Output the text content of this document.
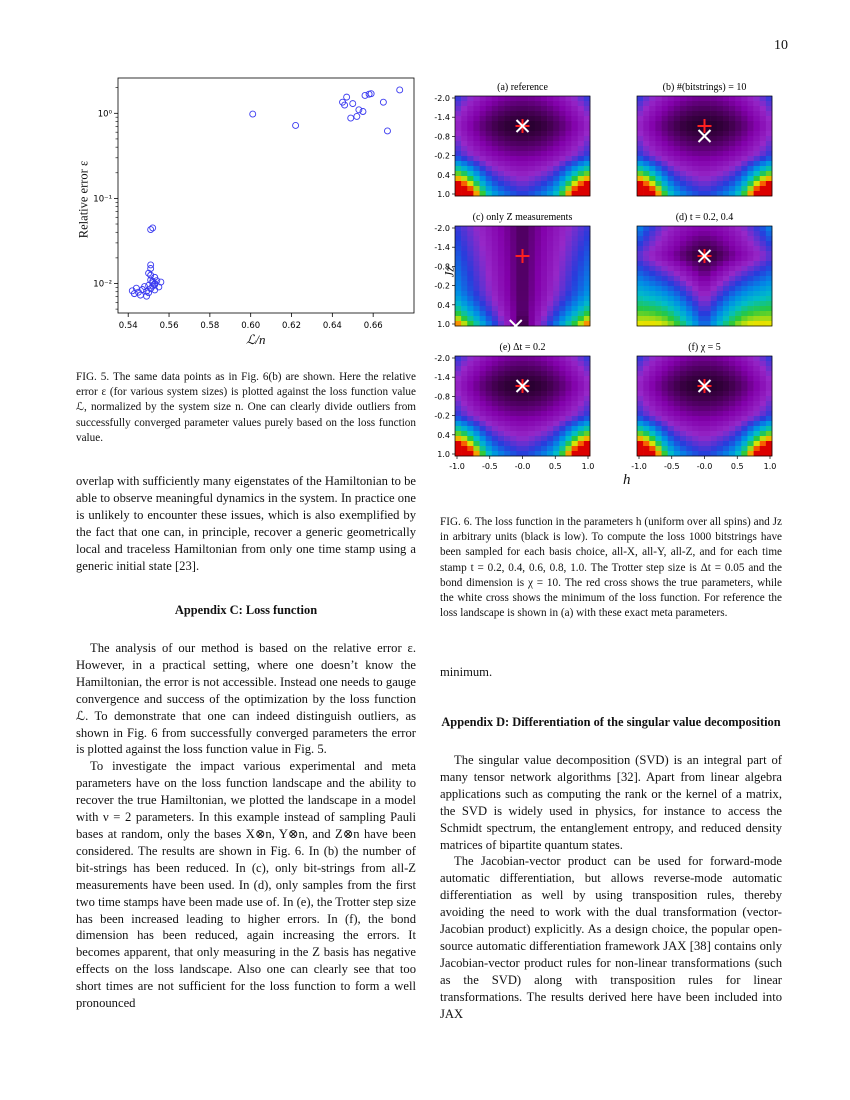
10
0.54	0.56	0.58	0.60	0.62	0.64	0.66
10⁰
10⁻¹
10⁻²
Relative error ε
ℒ/n
FIG. 5. The same data points as in Fig. 6(b) are shown. Here the relative error ε (for various system sizes) is plotted against the loss function value ℒ, normalized by the system size n. One can clearly divide outliers from successfully converged parameter values purely based on the loss function value.
(a) reference
-2.0
-1.4
-0.8
-0.2
0.4
1.0
(b) #(bitstrings) = 10
(c) only Z measurements
-2.0
-1.4
-0.8
-0.2
0.4
1.0
(d) t = 0.2, 0.4
(e) Δt = 0.2
-2.0
-1.4
-0.8
-0.2
0.4
1.0
(f) χ = 5
-1.0 -0.5 -0.0 0.5	1.0	-1.0 -0.5 -0.0 0.5	1.0
Jz
h
FIG. 6. The loss function in the parameters h (uniform over all spins) and Jz in arbitrary units (black is low). To compute the loss 1000 bitstrings have been sampled for each basis choice, all-X, all-Y, all-Z, and for each time stamp t = 0.2, 0.4, 0.6, 0.8, 1.0. The Trotter step size is Δt = 0.05 and the bond dimension is χ = 10. The red cross shows the true parameters, while the white cross shows the minimum of the loss function. For reference the loss landscape is shown in (a) with these exact meta parameters.

overlap with sufficiently many eigenstates of the Hamiltonian to be able to observe meaningful dynamics in the system. In practice one is unlikely to encounter these issues, which is also exemplified by the fact that one can, in principle, recover a generic geometrically local and traceless Hamiltonian from only one time stamp using a generic initial state [23].

Appendix C: Loss function

The analysis of our method is based on the relative error ε. However, in a practical setting, where one doesn’t know the Hamiltonian, the error is not accessible. Instead one needs to gauge convergence and success of the optimization by the loss function ℒ. To demonstrate that one can indeed distinguish outliers, as shown in Fig. 6 from successfully converged parameters the error is plotted against the loss function value in Fig. 5.

To investigate the impact various experimental and meta parameters have on the loss function landscape and the ability to recover the true Hamiltonian, we plotted the landscape in a model with ν = 2 parameters. In this example instead of sampling Pauli bases at random, only the bases X⊗n, Y⊗n, and Z⊗n have been considered. The results are shown in Fig. 6. In (b) the number of bit-strings has been reduced. In (c), only bit-strings from all-Z measurements have been used. In (d), only samples from the first two time stamps have been made use of. In (e), the Trotter step size has been increased leading to higher errors. In (f), the bond dimension has been reduced, again increasing the errors. It becomes apparent, that only measuring in the Z basis has negative effects on the loss landscape. Also one can clearly see that too short times are not sufficient for the loss function to form a well pronounced

minimum.
Appendix D: Differentiation of the singular value decomposition

The singular value decomposition (SVD) is an integral part of many tensor network algorithms [32]. Apart from linear algebra applications such as computing the rank or the kernel of a matrix, the SVD is widely used in physics, for instance to access the Schmidt spectrum, the entanglement entropy, and reduced density matrices of bipartite quantum states.

The Jacobian-vector product can be used for forward-mode automatic differentiation, but allows reverse-mode automatic differentiation as well by using transposition rules, thereby avoiding the need to work with the dual transformation (vector-Jacobian product) explicitly. As a design choice, the popular open-source automatic differentiation framework JAX [38] contains only Jacobian-vector product rules for non-linear transformations (such as the SVD) along with transposition rules for linear transformations. The results derived here have been included into JAX
